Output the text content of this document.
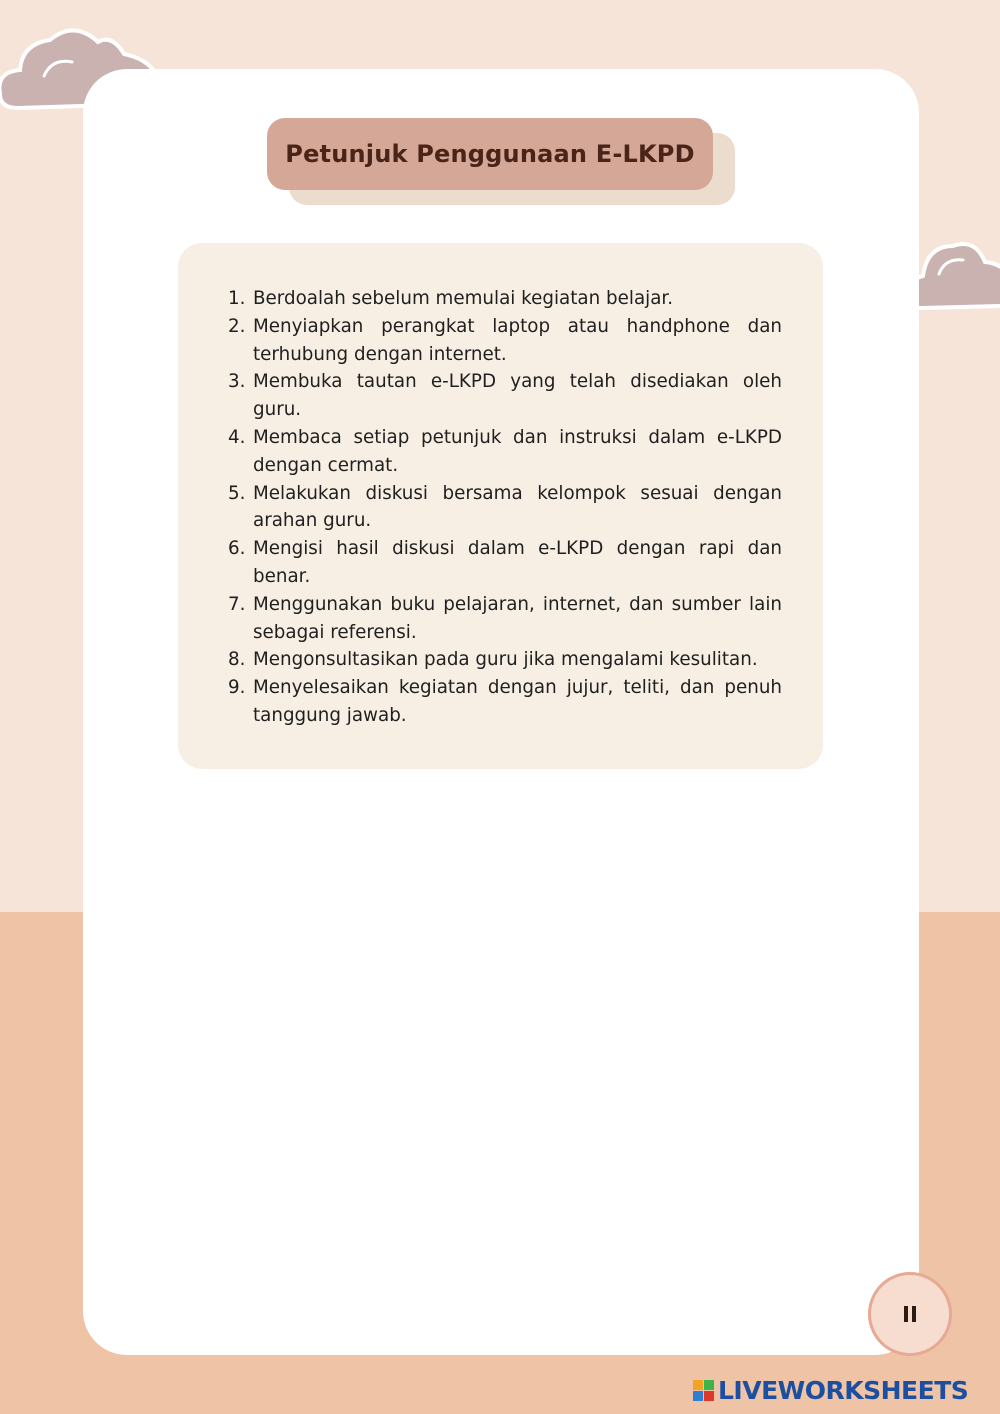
Petunjuk Penggunaan E-LKPD
1. Berdoalah sebelum memulai kegiatan belajar.
2. Menyiapkan perangkat laptop atau handphone dan terhubung dengan internet.
3. Membuka tautan e-LKPD yang telah disediakan oleh guru.
4. Membaca setiap petunjuk dan instruksi dalam e-LKPD dengan cermat.
5. Melakukan diskusi bersama kelompok sesuai dengan arahan guru.
6. Mengisi hasil diskusi dalam e-LKPD dengan rapi dan benar.
7. Menggunakan buku pelajaran, internet, dan sumber lain sebagai referensi.
8. Mengonsultasikan pada guru jika mengalami kesulitan.
9. Menyelesaikan kegiatan dengan jujur, teliti, dan penuh tanggung jawab.
LIVEWORKSHEETS
